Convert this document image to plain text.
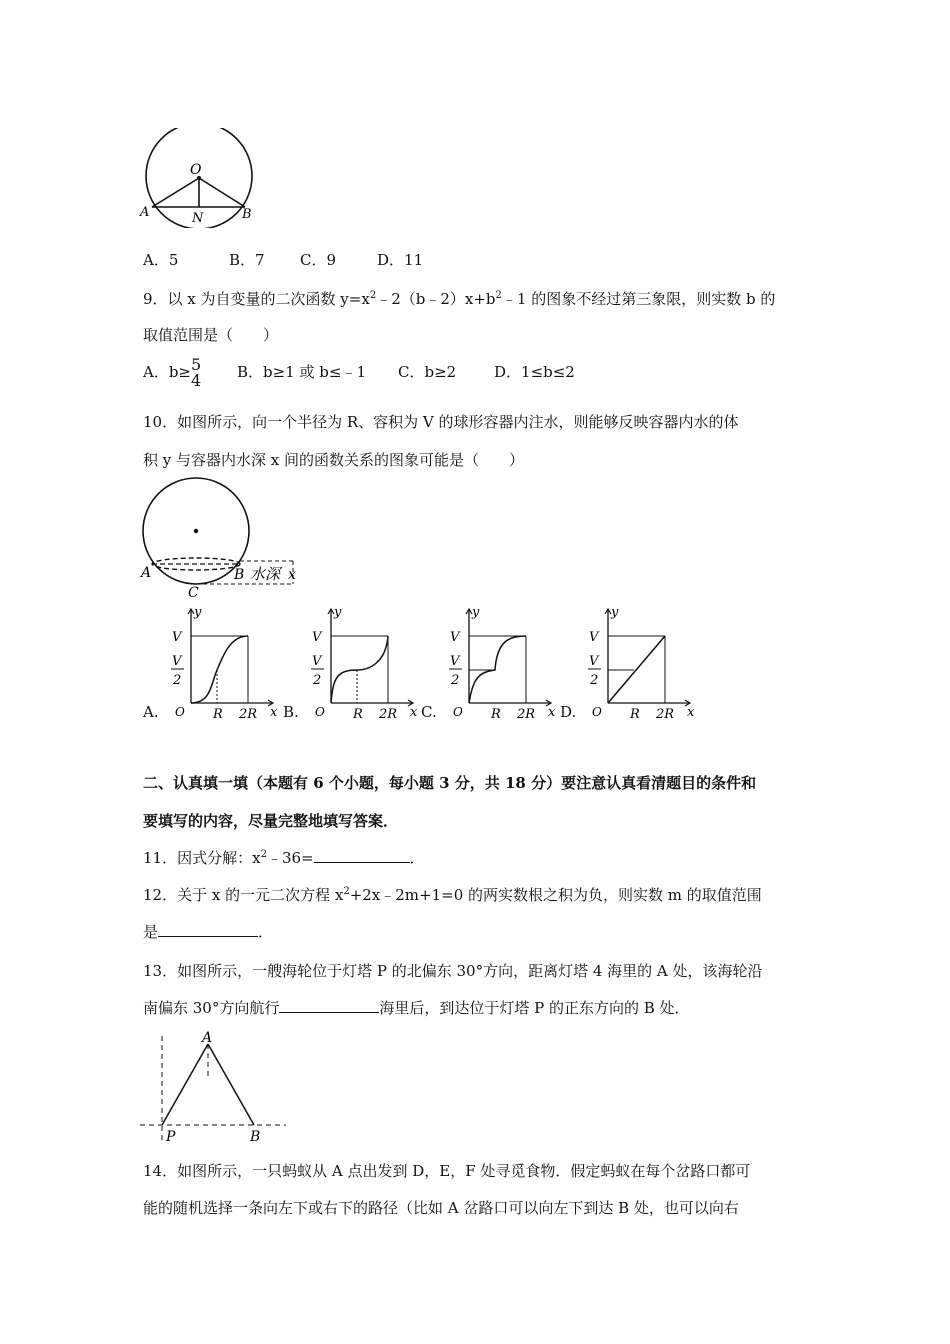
O
A	N	B
A．5	B．7 C．9	D．11
9．以 x 为自变量的二次函数 $y=x^2﹣2(b﹣2)x+b^2﹣1$ 的图象不经过第三象限，则实数 b 的
取值范围是（　　）
A．b≥ 5
4 B．b≥1 或 b≤﹣1 C．b≥2	D．1≤b≤2
10．如图所示，向一个半径为 R、容积为 V 的球形容器内注水，则能够反映容器内水的体
积 y 与容器内水深 x 间的函数关系的图象可能是（　　）
A	B
C
水深 x
A.	B.	C.	D.
y
V
V
2
O R 2R x
y
V
V
2
O R 2R x
y
V
V
2
O R 2R x
y
V
V
2
O R 2R x
二、认真填一填（本题有 6 个小题，每小题 3 分，共 18 分）要注意认真看清题目的条件和
要填写的内容，尽量完整地填写答案．
11．因式分解：$x^2﹣36=$	．
12．关于 x 的一元二次方程 $x^2+2x﹣2m+1=0$ 的两实数根之积为负，则实数 m 的取值范围
是	．
13．如图所示，一艘海轮位于灯塔 P 的北偏东 30°方向，距离灯塔 4 海里的 A 处，该海轮沿
南偏东 30°方向航行	海里后，到达位于灯塔 P 的正东方向的 B 处．
A
P	B
14．如图所示，一只蚂蚁从 A 点出发到 D，E，F 处寻觅食物．假定蚂蚁在每个岔路口都可
能的随机选择一条向左下或右下的路径（比如 A 岔路口可以向左下到达 B 处，也可以向右
